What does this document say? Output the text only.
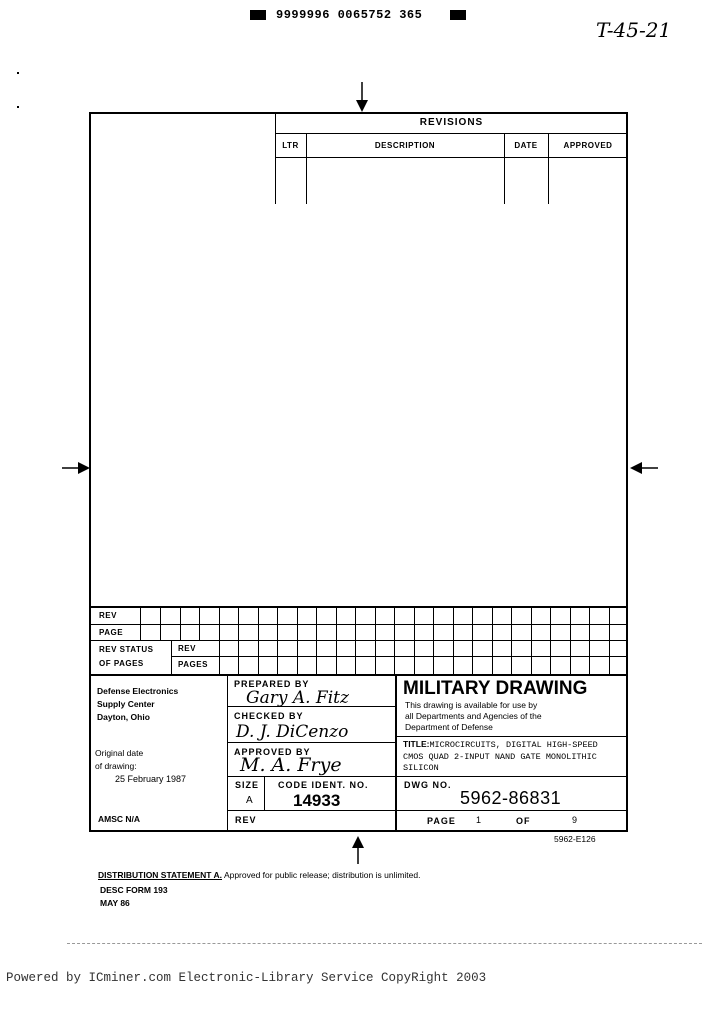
9999996 0065752 365
T-45-21
REVISIONS
LTR	DESCRIPTION	DATE	APPROVED
REV
PAGE
REV STATUS
OF PAGES
REV
PAGES
Defense Electronics
Supply Center
Dayton, Ohio
Original date
of drawing:
25 February 1987
AMSC N/A
PREPARED BY
Gary A. Fitz
CHECKED BY
D. J. DiCenzo
APPROVED BY
M. A. Frye
MILITARY DRAWING
This drawing is available for use by
all Departments and Agencies of the
Department of Defense
TITLE:MICROCIRCUITS, DIGITAL HIGH-SPEED
CMOS QUAD 2-INPUT NAND GATE MONOLITHIC
SILICON
SIZE
A
CODE IDENT. NO.
14933
DWG NO.
5962-86831
REV	PAGE 1	OF	9
5962-E126
DISTRIBUTION STATEMENT A. Approved for public release; distribution is unlimited.
DESC FORM 193
MAY 86
Powered by ICminer.com Electronic-Library Service CopyRight 2003
